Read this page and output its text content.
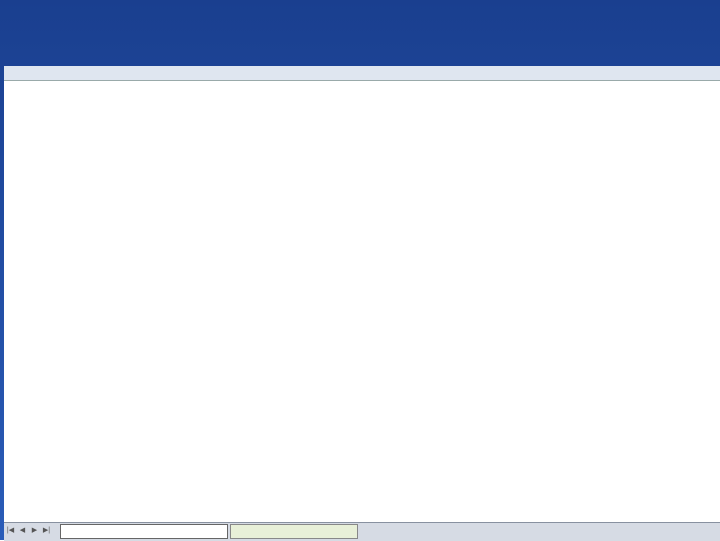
|◀ ◀ ▶ ▶|
